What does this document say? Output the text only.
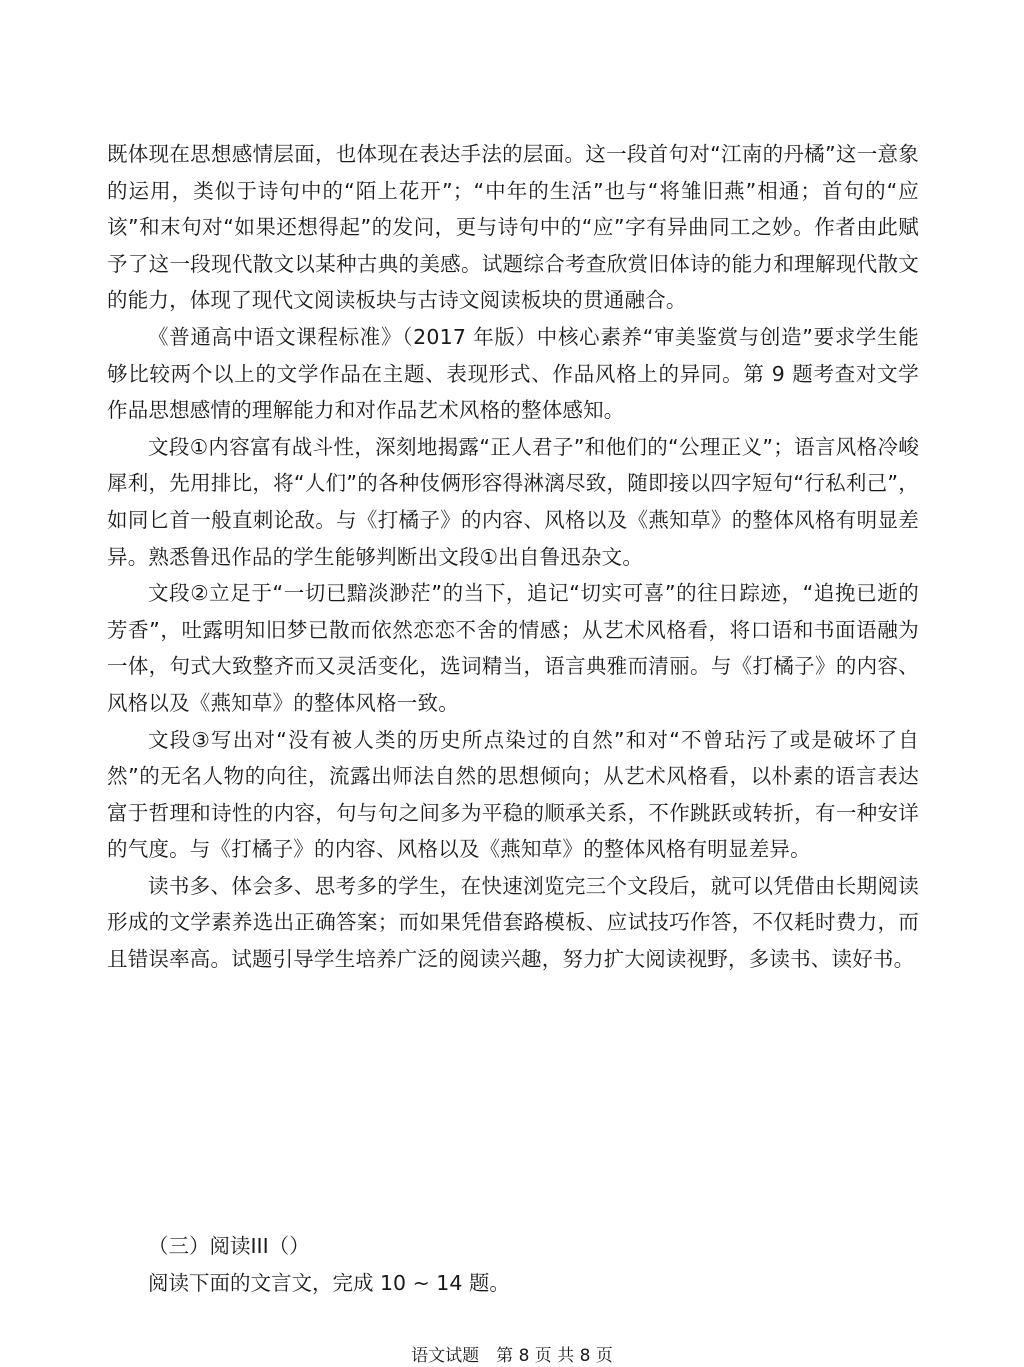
既体现在思想感情层面，也体现在表达手法的层面。这一段首句对“江南的丹橘”这一意象的运用，类似于诗句中的“陌上花开”；“中年的生活”也与“将雏旧燕”相通；首句的“应该”和末句对“如果还想得起”的发问，更与诗句中的“应”字有异曲同工之妙。作者由此赋予了这一段现代散文以某种古典的美感。试题综合考查欣赏旧体诗的能力和理解现代散文的能力，体现了现代文阅读板块与古诗文阅读板块的贯通融合。

《普通高中语文课程标准》（2017 年版）中核心素养“审美鉴赏与创造”要求学生能够比较两个以上的文学作品在主题、表现形式、作品风格上的异同。第 9 题考查对文学作品思想感情的理解能力和对作品艺术风格的整体感知。

文段①内容富有战斗性，深刻地揭露“正人君子”和他们的“公理正义”；语言风格冷峻犀利，先用排比，将“人们”的各种伎俩形容得淋漓尽致，随即接以四字短句“行私利己”，如同匕首一般直刺论敌。与《打橘子》的内容、风格以及《燕知草》的整体风格有明显差异。熟悉鲁迅作品的学生能够判断出文段①出自鲁迅杂文。

文段②立足于“一切已黯淡渺茫”的当下，追记“切实可喜”的往日踪迹，“追挽已逝的芳香”，吐露明知旧梦已散而依然恋恋不舍的情感；从艺术风格看，将口语和书面语融为一体，句式大致整齐而又灵活变化，选词精当，语言典雅而清丽。与《打橘子》的内容、风格以及《燕知草》的整体风格一致。

文段③写出对“没有被人类的历史所点染过的自然”和对“不曾玷污了或是破坏了自然”的无名人物的向往，流露出师法自然的思想倾向；从艺术风格看，以朴素的语言表达富于哲理和诗性的内容，句与句之间多为平稳的顺承关系，不作跳跃或转折，有一种安详的气度。与《打橘子》的内容、风格以及《燕知草》的整体风格有明显差异。

读书多、体会多、思考多的学生，在快速浏览完三个文段后，就可以凭借由长期阅读形成的文学素养选出正确答案；而如果凭借套路模板、应试技巧作答，不仅耗时费力，而且错误率高。试题引导学生培养广泛的阅读兴趣，努力扩大阅读视野，多读书、读好书。

（三）阅读III（）

阅读下面的文言文，完成 10 ~ 14 题。

语文试题　第 8 页 共 8 页
